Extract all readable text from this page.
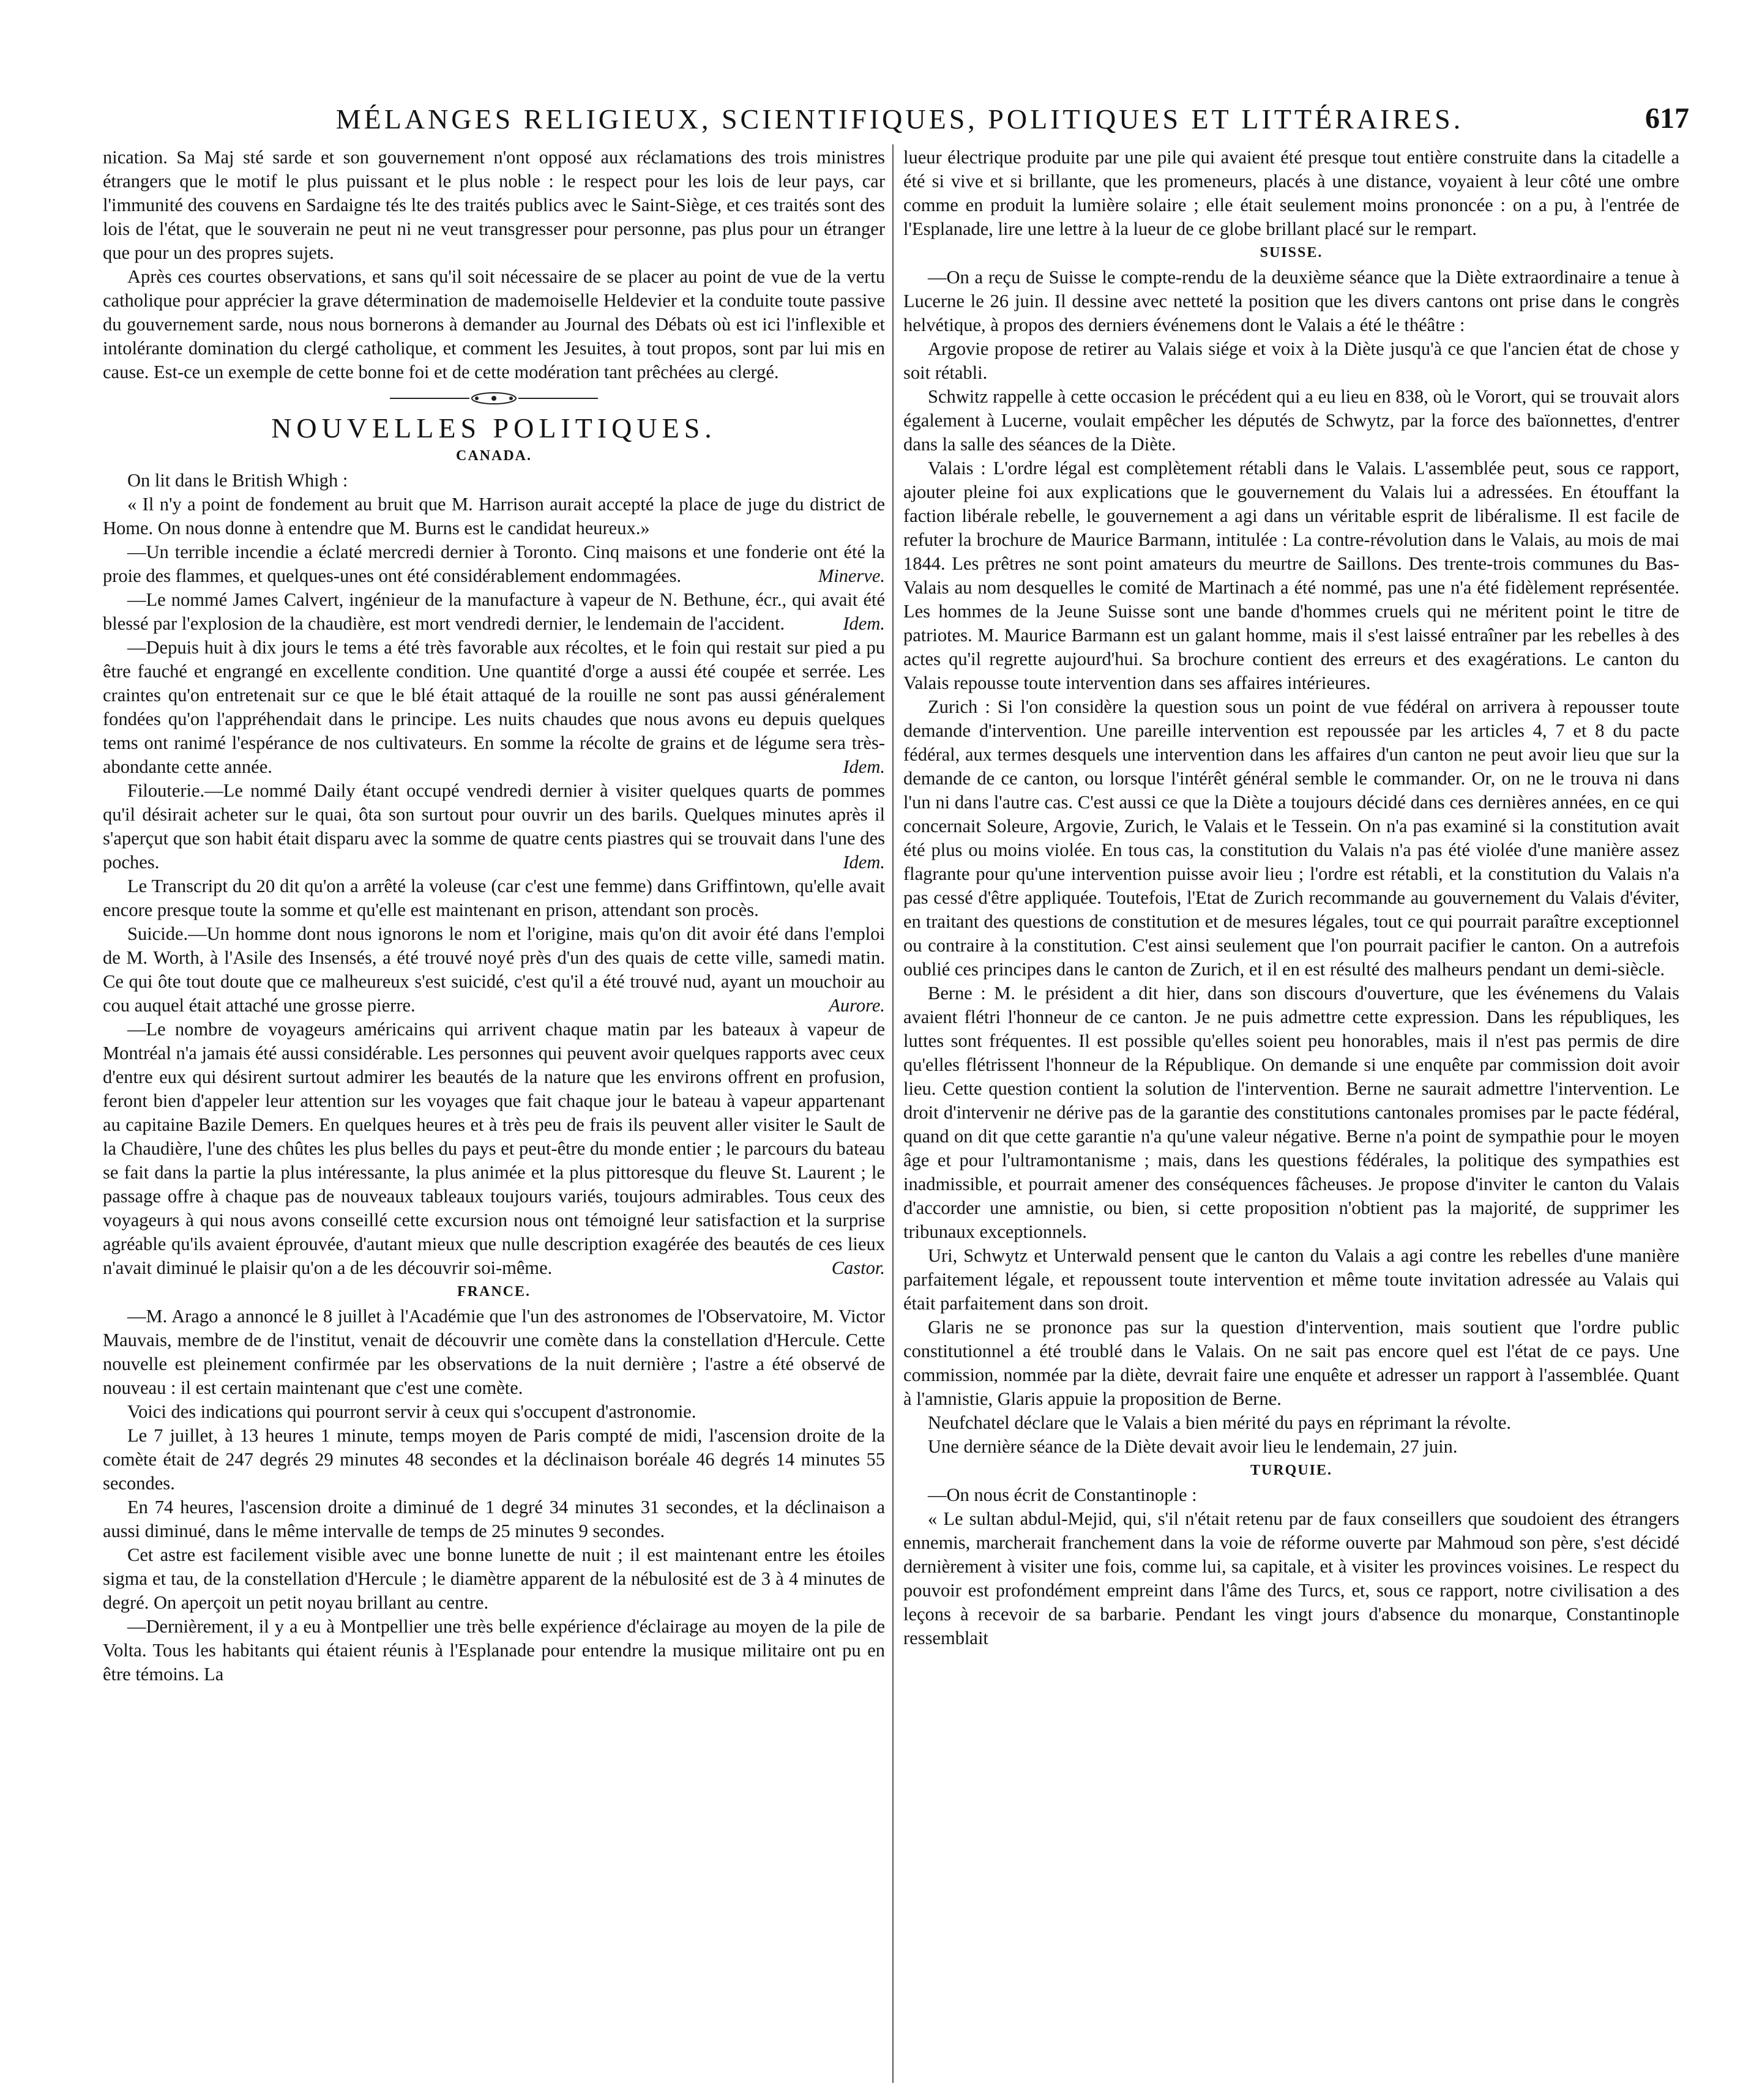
MÉLANGES RELIGIEUX, SCIENTIFIQUES, POLITIQUES ET LITTÉRAIRES.	617

nication. Sa Maj sté sarde et son gouvernement n'ont opposé aux réclamations des trois ministres étrangers que le motif le plus puissant et le plus noble : le respect pour les lois de leur pays, car l'immunité des couvens en Sardaigne tés lte des traités publics avec le Saint-Siège, et ces traités sont des lois de l'état, que le souverain ne peut ni ne veut transgresser pour personne, pas plus pour un étranger que pour un des propres sujets.

Après ces courtes observations, et sans qu'il soit nécessaire de se placer au point de vue de la vertu catholique pour apprécier la grave détermination de mademoiselle Heldevier et la conduite toute passive du gouvernement sarde, nous nous bornerons à demander au Journal des Débats où est ici l'inflexible et intolérante domination du clergé catholique, et comment les Jesuites, à tout propos, sont par lui mis en cause. Est-ce un exemple de cette bonne foi et de cette modération tant prêchées au clergé.

NOUVELLES POLITIQUES.
CANADA.

On lit dans le British Whigh :

« Il n'y a point de fondement au bruit que M. Harrison aurait accepté la place de juge du district de Home. On nous donne à entendre que M. Burns est le candidat heureux.»

—Un terrible incendie a éclaté mercredi dernier à Toronto. Cinq maisons et une fonderie ont été la proie des flammes, et quelques-unes ont été considérablement endommagées.	Minerve.

—Le nommé James Calvert, ingénieur de la manufacture à vapeur de N. Bethune, écr., qui avait été blessé par l'explosion de la chaudière, est mort vendredi dernier, le lendemain de l'accident.	Idem.

—Depuis huit à dix jours le tems a été très favorable aux récoltes, et le foin qui restait sur pied a pu être fauché et engrangé en excellente condition. Une quantité d'orge a aussi été coupée et serrée. Les craintes qu'on entretenait sur ce que le blé était attaqué de la rouille ne sont pas aussi généralement fondées qu'on l'appréhendait dans le principe. Les nuits chaudes que nous avons eu depuis quelques tems ont ranimé l'espérance de nos cultivateurs. En somme la récolte de grains et de légume sera très-abondante cette année.	Idem.

Filouterie.—Le nommé Daily étant occupé vendredi dernier à visiter quelques quarts de pommes qu'il désirait acheter sur le quai, ôta son surtout pour ouvrir un des barils. Quelques minutes après il s'aperçut que son habit était disparu avec la somme de quatre cents piastres qui se trouvait dans l'une des poches.	Idem.

Le Transcript du 20 dit qu'on a arrêté la voleuse (car c'est une femme) dans Griffintown, qu'elle avait encore presque toute la somme et qu'elle est maintenant en prison, attendant son procès.

Suicide.—Un homme dont nous ignorons le nom et l'origine, mais qu'on dit avoir été dans l'emploi de M. Worth, à l'Asile des Insensés, a été trouvé noyé près d'un des quais de cette ville, samedi matin. Ce qui ôte tout doute que ce malheureux s'est suicidé, c'est qu'il a été trouvé nud, ayant un mouchoir au cou auquel était attaché une grosse pierre.	Aurore.

—Le nombre de voyageurs américains qui arrivent chaque matin par les bateaux à vapeur de Montréal n'a jamais été aussi considérable. Les personnes qui peuvent avoir quelques rapports avec ceux d'entre eux qui désirent surtout admirer les beautés de la nature que les environs offrent en profusion, feront bien d'appeler leur attention sur les voyages que fait chaque jour le bateau à vapeur appartenant au capitaine Bazile Demers. En quelques heures et à très peu de frais ils peuvent aller visiter le Sault de la Chaudière, l'une des chûtes les plus belles du pays et peut-être du monde entier ; le parcours du bateau se fait dans la partie la plus intéressante, la plus animée et la plus pittoresque du fleuve St. Laurent ; le passage offre à chaque pas de nouveaux tableaux toujours variés, toujours admirables. Tous ceux des voyageurs à qui nous avons conseillé cette excursion nous ont témoigné leur satisfaction et la surprise agréable qu'ils avaient éprouvée, d'autant mieux que nulle description exagérée des beautés de ces lieux n'avait diminué le plaisir qu'on a de les découvrir soi-même.	Castor.

FRANCE.

—M. Arago a annoncé le 8 juillet à l'Académie que l'un des astronomes de l'Observatoire, M. Victor Mauvais, membre de de l'institut, venait de découvrir une comète dans la constellation d'Hercule. Cette nouvelle est pleinement confirmée par les observations de la nuit dernière ; l'astre a été observé de nouveau : il est certain maintenant que c'est une comète.

Voici des indications qui pourront servir à ceux qui s'occupent d'astronomie.

Le 7 juillet, à 13 heures 1 minute, temps moyen de Paris compté de midi, l'ascension droite de la comète était de 247 degrés 29 minutes 48 secondes et la déclinaison boréale 46 degrés 14 minutes 55 secondes.

En 74 heures, l'ascension droite a diminué de 1 degré 34 minutes 31 secondes, et la déclinaison a aussi diminué, dans le même intervalle de temps de 25 minutes 9 secondes.

Cet astre est facilement visible avec une bonne lunette de nuit ; il est maintenant entre les étoiles sigma et tau, de la constellation d'Hercule ; le diamètre apparent de la nébulosité est de 3 à 4 minutes de degré. On aperçoit un petit noyau brillant au centre.

—Dernièrement, il y a eu à Montpellier une très belle expérience d'éclairage au moyen de la pile de Volta. Tous les habitants qui étaient réunis à l'Esplanade pour entendre la musique militaire ont pu en être témoins. La

lueur électrique produite par une pile qui avaient été presque tout entière construite dans la citadelle a été si vive et si brillante, que les promeneurs, placés à une distance, voyaient à leur côté une ombre comme en produit la lumière solaire ; elle était seulement moins prononcée : on a pu, à l'entrée de l'Esplanade, lire une lettre à la lueur de ce globe brillant placé sur le rempart.

SUISSE.

—On a reçu de Suisse le compte-rendu de la deuxième séance que la Diète extraordinaire a tenue à Lucerne le 26 juin. Il dessine avec netteté la position que les divers cantons ont prise dans le congrès helvétique, à propos des derniers événemens dont le Valais a été le théâtre :

Argovie propose de retirer au Valais siége et voix à la Diète jusqu'à ce que l'ancien état de chose y soit rétabli.

Schwitz rappelle à cette occasion le précédent qui a eu lieu en 838, où le Vorort, qui se trouvait alors également à Lucerne, voulait empêcher les députés de Schwytz, par la force des baïonnettes, d'entrer dans la salle des séances de la Diète.

Valais : L'ordre légal est complètement rétabli dans le Valais. L'assemblée peut, sous ce rapport, ajouter pleine foi aux explications que le gouvernement du Valais lui a adressées. En étouffant la faction libérale rebelle, le gouvernement a agi dans un véritable esprit de libéralisme. Il est facile de refuter la brochure de Maurice Barmann, intitulée : La contre-révolution dans le Valais, au mois de mai 1844. Les prêtres ne sont point amateurs du meurtre de Saillons. Des trente-trois communes du Bas-Valais au nom desquelles le comité de Martinach a été nommé, pas une n'a été fidèlement représentée. Les hommes de la Jeune Suisse sont une bande d'hommes cruels qui ne méritent point le titre de patriotes. M. Maurice Barmann est un galant homme, mais il s'est laissé entraîner par les rebelles à des actes qu'il regrette aujourd'hui. Sa brochure contient des erreurs et des exagérations. Le canton du Valais repousse toute intervention dans ses affaires intérieures.

Zurich : Si l'on considère la question sous un point de vue fédéral on arrivera à repousser toute demande d'intervention. Une pareille intervention est repoussée par les articles 4, 7 et 8 du pacte fédéral, aux termes desquels une intervention dans les affaires d'un canton ne peut avoir lieu que sur la demande de ce canton, ou lorsque l'intérêt général semble le commander. Or, on ne le trouva ni dans l'un ni dans l'autre cas. C'est aussi ce que la Diète a toujours décidé dans ces dernières années, en ce qui concernait Soleure, Argovie, Zurich, le Valais et le Tessein. On n'a pas examiné si la constitution avait été plus ou moins violée. En tous cas, la constitution du Valais n'a pas été violée d'une manière assez flagrante pour qu'une intervention puisse avoir lieu ; l'ordre est rétabli, et la constitution du Valais n'a pas cessé d'être appliquée. Toutefois, l'Etat de Zurich recommande au gouvernement du Valais d'éviter, en traitant des questions de constitution et de mesures légales, tout ce qui pourrait paraître exceptionnel ou contraire à la constitution. C'est ainsi seulement que l'on pourrait pacifier le canton. On a autrefois oublié ces principes dans le canton de Zurich, et il en est résulté des malheurs pendant un demi-siècle.

Berne : M. le président a dit hier, dans son discours d'ouverture, que les événemens du Valais avaient flétri l'honneur de ce canton. Je ne puis admettre cette expression. Dans les républiques, les luttes sont fréquentes. Il est possible qu'elles soient peu honorables, mais il n'est pas permis de dire qu'elles flétrissent l'honneur de la République. On demande si une enquête par commission doit avoir lieu. Cette question contient la solution de l'intervention. Berne ne saurait admettre l'intervention. Le droit d'intervenir ne dérive pas de la garantie des constitutions cantonales promises par le pacte fédéral, quand on dit que cette garantie n'a qu'une valeur négative. Berne n'a point de sympathie pour le moyen âge et pour l'ultramontanisme ; mais, dans les questions fédérales, la politique des sympathies est inadmissible, et pourrait amener des conséquences fâcheuses. Je propose d'inviter le canton du Valais d'accorder une amnistie, ou bien, si cette proposition n'obtient pas la majorité, de supprimer les tribunaux exceptionnels.

Uri, Schwytz et Unterwald pensent que le canton du Valais a agi contre les rebelles d'une manière parfaitement légale, et repoussent toute intervention et même toute invitation adressée au Valais qui était parfaitement dans son droit.

Glaris ne se prononce pas sur la question d'intervention, mais soutient que l'ordre public constitutionnel a été troublé dans le Valais. On ne sait pas encore quel est l'état de ce pays. Une commission, nommée par la diète, devrait faire une enquête et adresser un rapport à l'assemblée. Quant à l'amnistie, Glaris appuie la proposition de Berne.

Neufchatel déclare que le Valais a bien mérité du pays en réprimant la révolte.

Une dernière séance de la Diète devait avoir lieu le lendemain, 27 juin.

TURQUIE.

—On nous écrit de Constantinople :

« Le sultan abdul-Mejid, qui, s'il n'était retenu par de faux conseillers que soudoient des étrangers ennemis, marcherait franchement dans la voie de réforme ouverte par Mahmoud son père, s'est décidé dernièrement à visiter une fois, comme lui, sa capitale, et à visiter les provinces voisines. Le respect du pouvoir est profondément empreint dans l'âme des Turcs, et, sous ce rapport, notre civilisation a des leçons à recevoir de sa barbarie. Pendant les vingt jours d'absence du monarque, Constantinople ressemblait
